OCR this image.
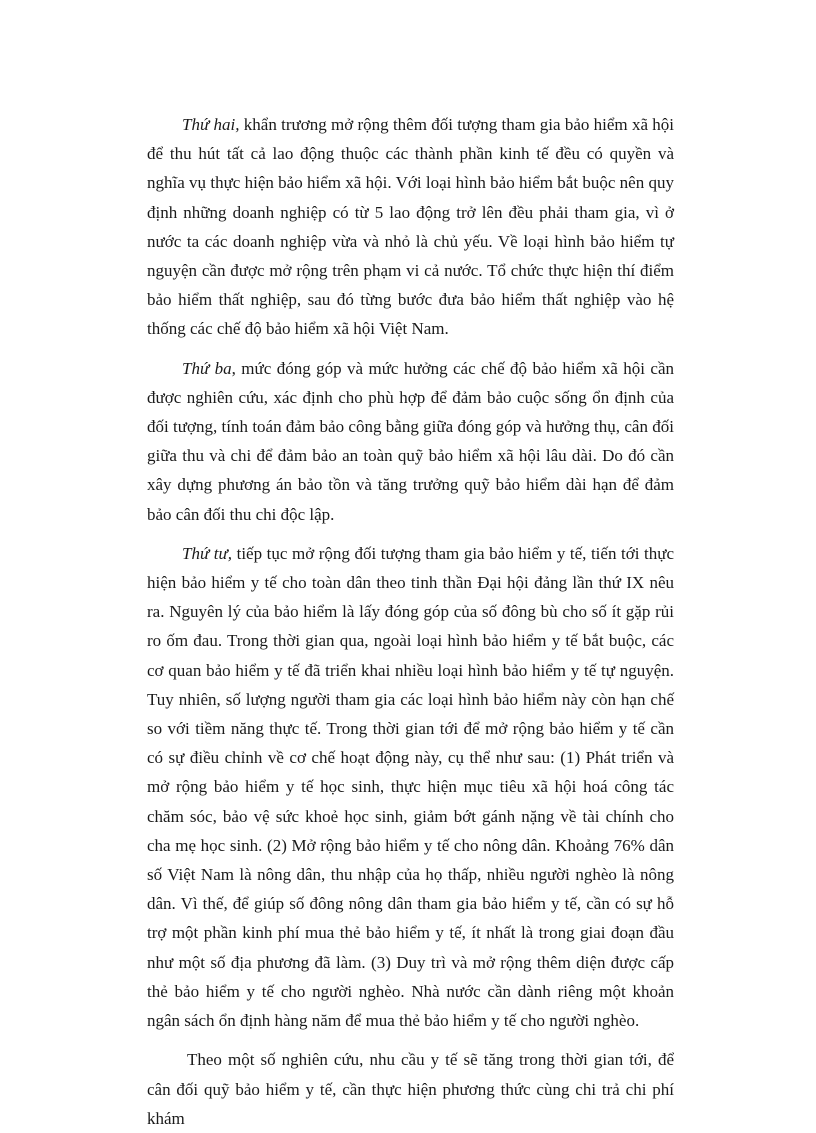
Thứ hai, khẩn trương mở rộng thêm đối tượng tham gia bảo hiểm xã hội để thu hút tất cả lao động thuộc các thành phần kinh tế đều có quyền và nghĩa vụ thực hiện bảo hiểm xã hội. Với loại hình bảo hiểm bắt buộc nên quy định những doanh nghiệp có từ 5 lao động trở lên đều phải tham gia, vì ở nước ta các doanh nghiệp vừa và nhỏ là chủ yếu. Về loại hình bảo hiểm tự nguyện cần được mở rộng trên phạm vi cả nước. Tổ chức thực hiện thí điểm bảo hiểm thất nghiệp, sau đó từng bước đưa bảo hiểm thất nghiệp vào hệ thống các chế độ bảo hiểm xã hội Việt Nam.

Thứ ba, mức đóng góp và mức hưởng các chế độ bảo hiểm xã hội cần được nghiên cứu, xác định cho phù hợp để đảm bảo cuộc sống ổn định của đối tượng, tính toán đảm bảo công bằng giữa đóng góp và hưởng thụ, cân đối giữa thu và chi để đảm bảo an toàn quỹ bảo hiểm xã hội lâu dài. Do đó cần xây dựng phương án bảo tồn và tăng trưởng quỹ bảo hiểm dài hạn để đảm bảo cân đối thu chi độc lập.

Thứ tư, tiếp tục mở rộng đối tượng tham gia bảo hiểm y tế, tiến tới thực hiện bảo hiểm y tế cho toàn dân theo tinh thần Đại hội đảng lần thứ IX nêu ra. Nguyên lý của bảo hiểm là lấy đóng góp của số đông bù cho số ít gặp rủi ro ốm đau. Trong thời gian qua, ngoài loại hình bảo hiểm y tế bắt buộc, các cơ quan bảo hiểm y tế đã triển khai nhiều loại hình bảo hiểm y tế tự nguyện. Tuy nhiên, số lượng người tham gia các loại hình bảo hiểm này còn hạn chế so với tiềm năng thực tế. Trong thời gian tới để mở rộng bảo hiểm y tế cần có sự điều chỉnh về cơ chế hoạt động này, cụ thể như sau: (1) Phát triển và mở rộng bảo hiểm y tế học sinh, thực hiện mục tiêu xã hội hoá công tác chăm sóc, bảo vệ sức khoẻ học sinh, giảm bớt gánh nặng về tài chính cho cha mẹ học sinh. (2) Mở rộng bảo hiểm y tế cho nông dân. Khoảng 76% dân số Việt Nam là nông dân, thu nhập của họ thấp, nhiều người nghèo là nông dân. Vì thế, để giúp số đông nông dân tham gia bảo hiểm y tế, cần có sự hỗ trợ một phần kinh phí mua thẻ bảo hiểm y tế, ít nhất là trong giai đoạn đầu như một số địa phương đã làm. (3) Duy trì và mở rộng thêm diện được cấp thẻ bảo hiểm y tế cho người nghèo. Nhà nước cần dành riêng một khoản ngân sách ổn định hàng năm để mua thẻ bảo hiểm y tế cho người nghèo.

Theo một số nghiên cứu, nhu cầu y tế sẽ tăng trong thời gian tới, để cân đối quỹ bảo hiểm y tế, cần thực hiện phương thức cùng chi trả chi phí khám
